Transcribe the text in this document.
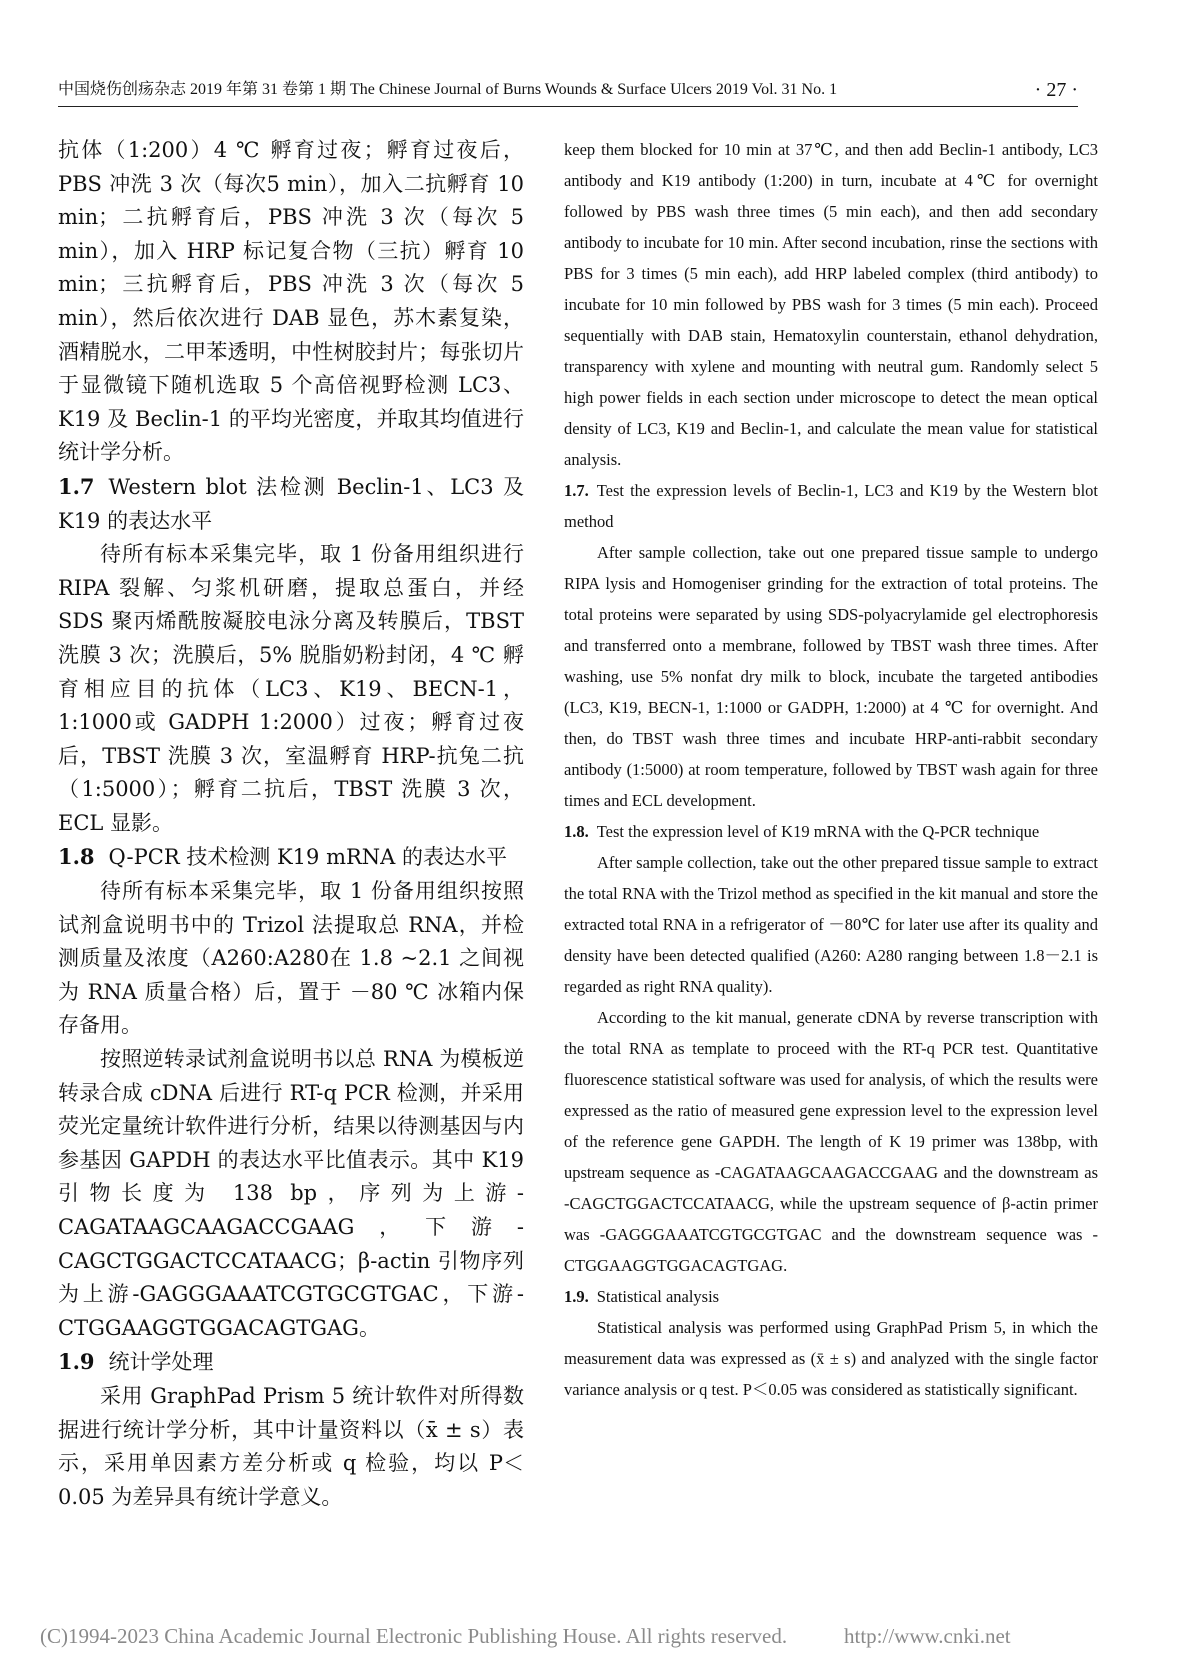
中国烧伤创疡杂志 2019 年第 31 卷第 1 期 The Chinese Journal of Burns Wounds & Surface Ulcers 2019 Vol. 31 No. 1	· 27 ·

抗体（1:200）4 ℃ 孵育过夜；孵育过夜后，PBS 冲洗 3 次（每次5 min），加入二抗孵育 10 min；二抗孵育后，PBS 冲洗 3 次（每次 5 min），加入 HRP 标记复合物（三抗）孵育 10 min；三抗孵育后，PBS 冲洗 3 次（每次 5 min），然后依次进行 DAB 显色，苏木素复染，酒精脱水，二甲苯透明，中性树胶封片；每张切片于显微镜下随机选取 5 个高倍视野检测 LC3、K19 及 Beclin-1 的平均光密度，并取其均值进行统计学分析。

1.7 Western blot 法检测 Beclin-1、LC3 及 K19 的表达水平

待所有标本采集完毕，取 1 份备用组织进行 RIPA 裂解、匀浆机研磨，提取总蛋白，并经 SDS 聚丙烯酰胺凝胶电泳分离及转膜后，TBST 洗膜 3 次；洗膜后，5% 脱脂奶粉封闭，4 ℃ 孵育相应目的抗体（LC3、K19、BECN-1，1:1000或 GADPH 1:2000）过夜；孵育过夜后，TBST 洗膜 3 次，室温孵育 HRP-抗兔二抗（1:5000）；孵育二抗后，TBST 洗膜 3 次，ECL 显影。

1.8 Q-PCR 技术检测 K19 mRNA 的表达水平

待所有标本采集完毕，取 1 份备用组织按照试剂盒说明书中的 Trizol 法提取总 RNA，并检测质量及浓度（A260:A280在 1.8 ~2.1 之间视为 RNA 质量合格）后，置于 －80 ℃ 冰箱内保存备用。

按照逆转录试剂盒说明书以总 RNA 为模板逆转录合成 cDNA 后进行 RT-q PCR 检测，并采用荧光定量统计软件进行分析，结果以待测基因与内参基因 GAPDH 的表达水平比值表示。其中 K19 引物长度为 138 bp，序列为上游-CAGATAAGCAAGACCGAAG，下游-CAGCTGGACTCCATAACG；β-actin 引物序列为上游-GAGGGAAATCGTGCGTGAC，下游-CTGGAAGGTGGACAGTGAG。

1.9 统计学处理

采用 GraphPad Prism 5 统计软件对所得数据进行统计学分析，其中计量资料以（x̄ ± s）表示，采用单因素方差分析或 q 检验，均以 P＜0.05 为差异具有统计学意义。

keep them blocked for 10 min at 37℃, and then add Beclin-1 antibody, LC3 antibody and K19 antibody (1:200) in turn, incubate at 4℃ for overnight followed by PBS wash three times (5 min each), and then add secondary antibody to incubate for 10 min. After second incubation, rinse the sections with PBS for 3 times (5 min each), add HRP labeled complex (third antibody) to incubate for 10 min followed by PBS wash for 3 times (5 min each). Proceed sequentially with DAB stain, Hematoxylin counterstain, ethanol dehydration, transparency with xylene and mounting with neutral gum. Randomly select 5 high power fields in each section under microscope to detect the mean optical density of LC3, K19 and Beclin-1, and calculate the mean value for statistical analysis.

1.7. Test the expression levels of Beclin-1, LC3 and K19 by the Western blot method

After sample collection, take out one prepared tissue sample to undergo RIPA lysis and Homogeniser grinding for the extraction of total proteins. The total proteins were separated by using SDS-polyacrylamide gel electrophoresis and transferred onto a membrane, followed by TBST wash three times. After washing, use 5% nonfat dry milk to block, incubate the targeted antibodies (LC3, K19, BECN-1, 1:1000 or GADPH, 1:2000) at 4 ℃ for overnight. And then, do TBST wash three times and incubate HRP-anti-rabbit secondary antibody (1:5000) at room temperature, followed by TBST wash again for three times and ECL development.

1.8. Test the expression level of K19 mRNA with the Q-PCR technique

After sample collection, take out the other prepared tissue sample to extract the total RNA with the Trizol method as specified in the kit manual and store the extracted total RNA in a refrigerator of －80℃ for later use after its quality and density have been detected qualified (A260: A280 ranging between 1.8－2.1 is regarded as right RNA quality).

According to the kit manual, generate cDNA by reverse transcription with the total RNA as template to proceed with the RT-q PCR test. Quantitative fluorescence statistical software was used for analysis, of which the results were expressed as the ratio of measured gene expression level to the expression level of the reference gene GAPDH. The length of K 19 primer was 138bp, with upstream sequence as -CAGATAAGCAAGACCGAAG and the downstream as -CAGCTGGACTCCATAACG, while the upstream sequence of β-actin primer was -GAGGGAAATCGTGCGTGAC and the downstream sequence was -CTGGAAGGTGGACAGTGAG.

1.9. Statistical analysis

Statistical analysis was performed using GraphPad Prism 5, in which the measurement data was expressed as (x̄ ± s) and analyzed with the single factor variance analysis or q test. P＜0.05 was considered as statistically significant.

(C)1994-2023 China Academic Journal Electronic Publishing House. All rights reserved.	http://www.cnki.net
